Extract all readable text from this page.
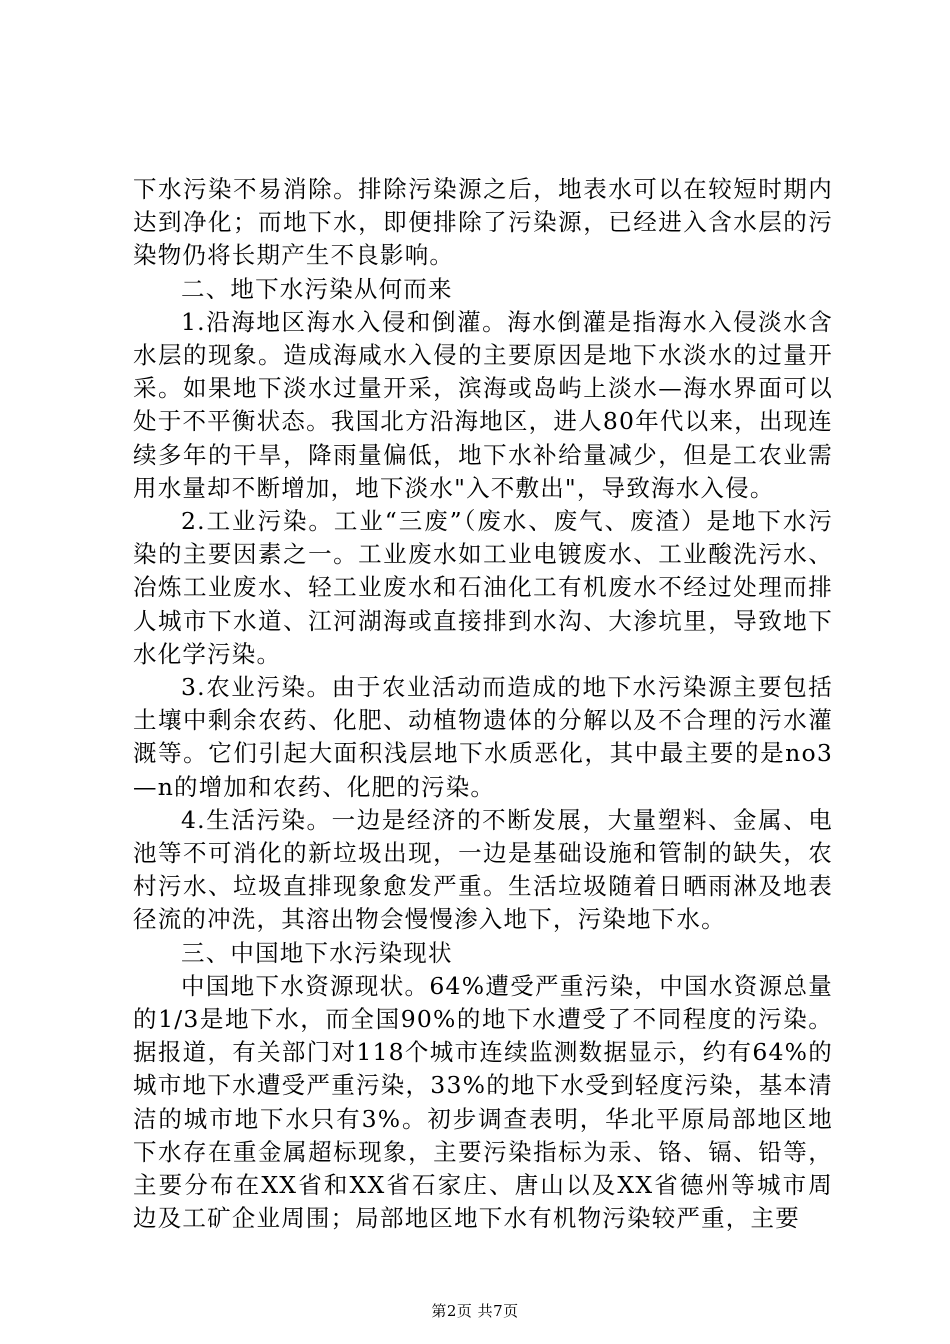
下水污染不易消除。排除污染源之后，地表水可以在较短时期内达到净化；而地下水，即便排除了污染源，已经进入含水层的污染物仍将长期产生不良影响。

二、地下水污染从何而来

1.沿海地区海水入侵和倒灌。海水倒灌是指海水入侵淡水含水层的现象。造成海咸水入侵的主要原因是地下水淡水的过量开采。如果地下淡水过量开采，滨海或岛屿上淡水—海水界面可以处于不平衡状态。我国北方沿海地区，进人80年代以来，出现连续多年的干旱，降雨量偏低，地下水补给量减少，但是工农业需用水量却不断增加，地下淡水"入不敷出"，导致海水入侵。

2.工业污染。工业“三废”（废水、废气、废渣）是地下水污染的主要因素之一。工业废水如工业电镀废水、工业酸洗污水、冶炼工业废水、轻工业废水和石油化工有机废水不经过处理而排人城市下水道、江河湖海或直接排到水沟、大渗坑里，导致地下水化学污染。

3.农业污染。由于农业活动而造成的地下水污染源主要包括土壤中剩余农药、化肥、动植物遗体的分解以及不合理的污水灌溉等。它们引起大面积浅层地下水质恶化，其中最主要的是no3—n的增加和农药、化肥的污染。

4.生活污染。一边是经济的不断发展，大量塑料、金属、电池等不可消化的新垃圾出现，一边是基础设施和管制的缺失，农村污水、垃圾直排现象愈发严重。生活垃圾随着日晒雨淋及地表径流的冲洗，其溶出物会慢慢渗入地下，污染地下水。

三、中国地下水污染现状

中国地下水资源现状。64%遭受严重污染，中国水资源总量的1/3是地下水，而全国90%的地下水遭受了不同程度的污染。据报道，有关部门对118个城市连续监测数据显示，约有64%的城市地下水遭受严重污染，33%的地下水受到轻度污染，基本清洁的城市地下水只有3%。初步调查表明，华北平原局部地区地下水存在重金属超标现象，主要污染指标为汞、铬、镉、铅等，主要分布在XX省和XX省石家庄、唐山以及XX省德州等城市周边及工矿企业周围；局部地区地下水有机物污染较严重，主要

第2页 共7页
